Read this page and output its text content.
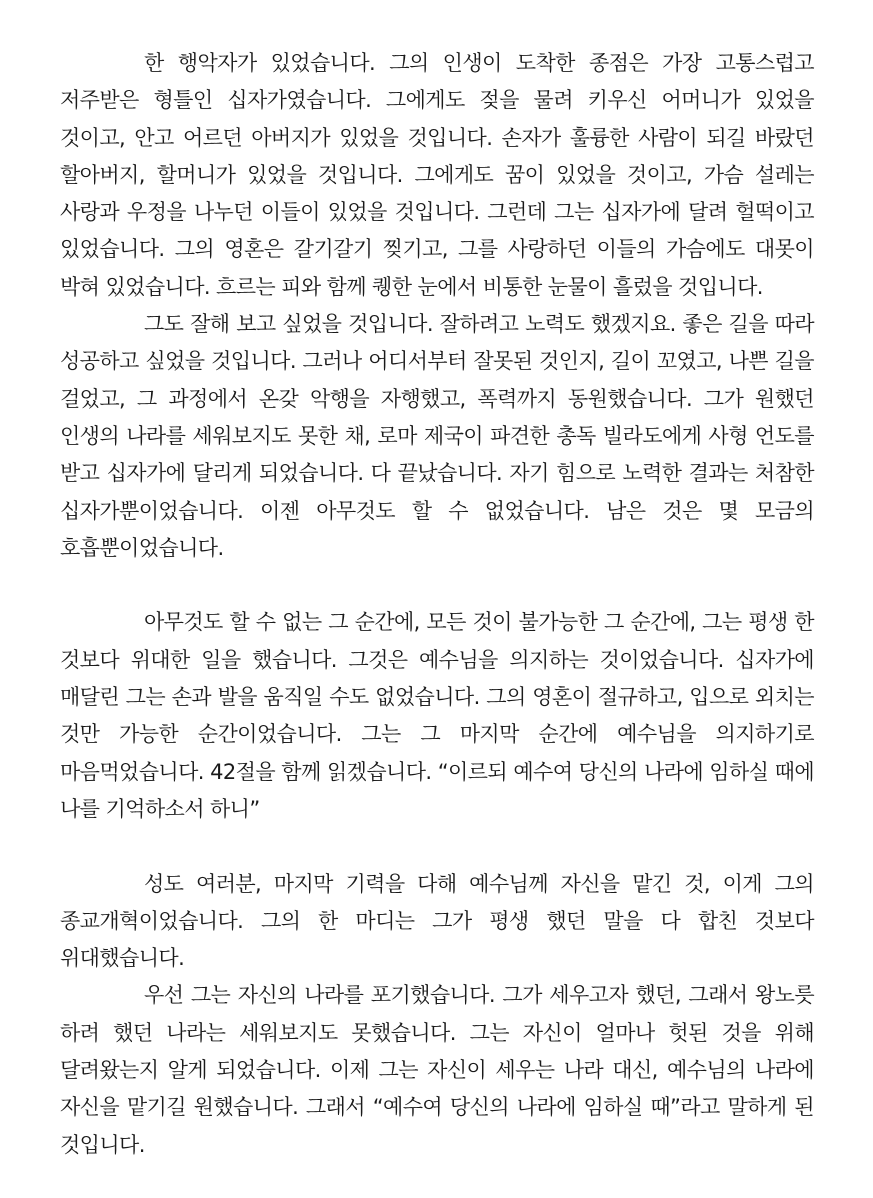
한 행악자가 있었습니다. 그의 인생이 도착한 종점은 가장 고통스럽고 저주받은 형틀인 십자가였습니다. 그에게도 젖을 물려 키우신 어머니가 있었을 것이고, 안고 어르던 아버지가 있었을 것입니다. 손자가 훌륭한 사람이 되길 바랐던 할아버지, 할머니가 있었을 것입니다. 그에게도 꿈이 있었을 것이고, 가슴 설레는 사랑과 우정을 나누던 이들이 있었을 것입니다. 그런데 그는 십자가에 달려 헐떡이고 있었습니다. 그의 영혼은 갈기갈기 찢기고, 그를 사랑하던 이들의 가슴에도 대못이 박혀 있었습니다. 흐르는 피와 함께 퀭한 눈에서 비통한 눈물이 흘렀을 것입니다.

그도 잘해 보고 싶었을 것입니다. 잘하려고 노력도 했겠지요. 좋은 길을 따라 성공하고 싶었을 것입니다. 그러나 어디서부터 잘못된 것인지, 길이 꼬였고, 나쁜 길을 걸었고, 그 과정에서 온갖 악행을 자행했고, 폭력까지 동원했습니다. 그가 원했던 인생의 나라를 세워보지도 못한 채, 로마 제국이 파견한 총독 빌라도에게 사형 언도를 받고 십자가에 달리게 되었습니다. 다 끝났습니다. 자기 힘으로 노력한 결과는 처참한 십자가뿐이었습니다. 이젠 아무것도 할 수 없었습니다. 남은 것은 몇 모금의 호흡뿐이었습니다.

아무것도 할 수 없는 그 순간에, 모든 것이 불가능한 그 순간에, 그는 평생 한 것보다 위대한 일을 했습니다. 그것은 예수님을 의지하는 것이었습니다. 십자가에 매달린 그는 손과 발을 움직일 수도 없었습니다. 그의 영혼이 절규하고, 입으로 외치는 것만 가능한 순간이었습니다. 그는 그 마지막 순간에 예수님을 의지하기로 마음먹었습니다. 42절을 함께 읽겠습니다. “이르되 예수여 당신의 나라에 임하실 때에 나를 기억하소서 하니”

성도 여러분, 마지막 기력을 다해 예수님께 자신을 맡긴 것, 이게 그의 종교개혁이었습니다. 그의 한 마디는 그가 평생 했던 말을 다 합친 것보다 위대했습니다.

우선 그는 자신의 나라를 포기했습니다. 그가 세우고자 했던, 그래서 왕노릇 하려 했던 나라는 세워보지도 못했습니다. 그는 자신이 얼마나 헛된 것을 위해 달려왔는지 알게 되었습니다. 이제 그는 자신이 세우는 나라 대신, 예수님의 나라에 자신을 맡기길 원했습니다. 그래서 “예수여 당신의 나라에 임하실 때”라고 말하게 된 것입니다.
